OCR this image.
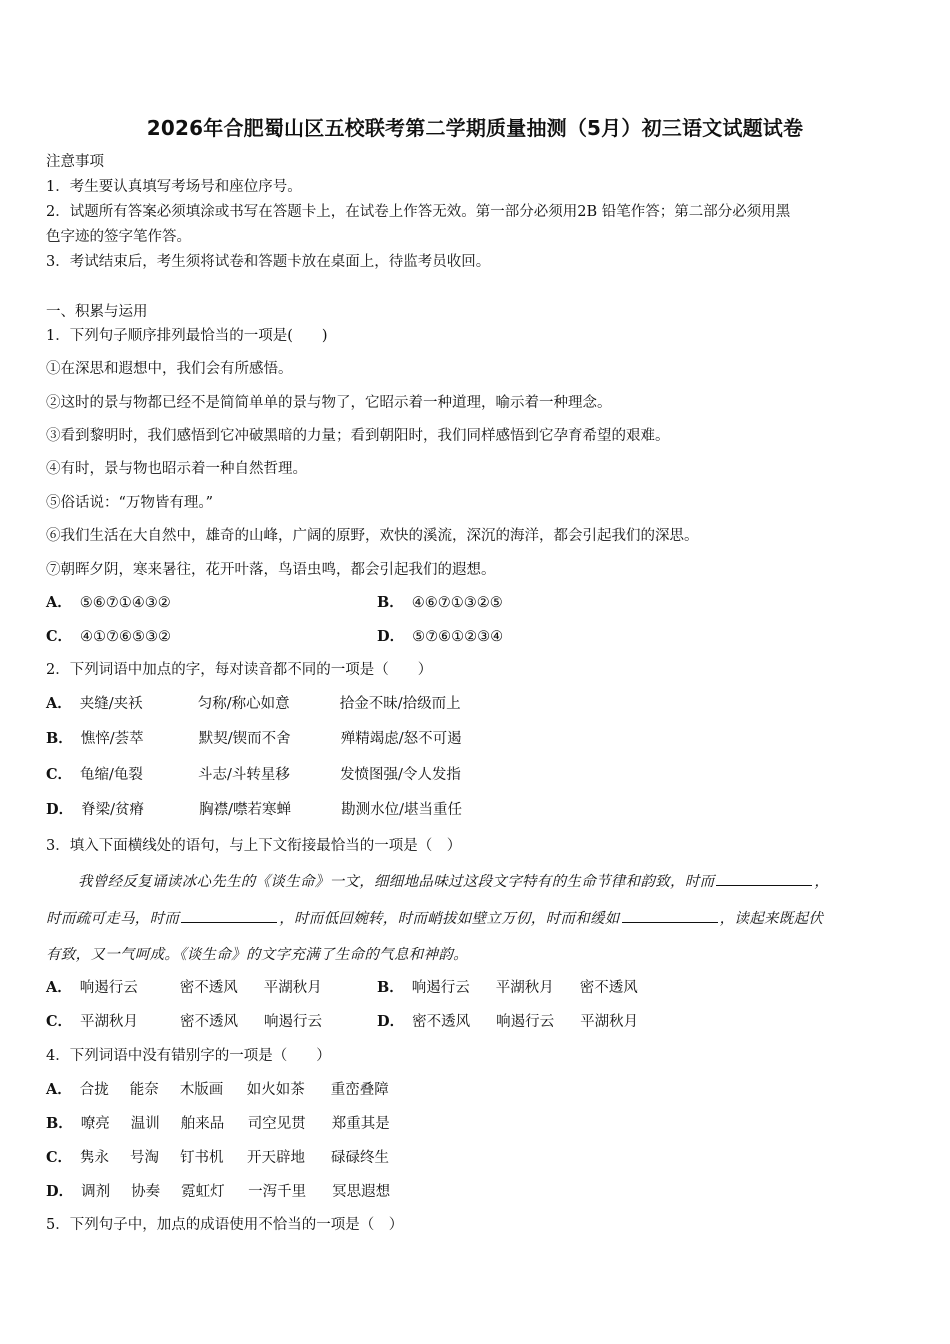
2026年合肥蜀山区五校联考第二学期质量抽测（5月）初三语文试题试卷
注意事项
1．考生要认真填写考场号和座位序号。
2．试题所有答案必须填涂或书写在答题卡上，在试卷上作答无效。第一部分必须用2B 铅笔作答；第二部分必须用黑
色字迹的签字笔作答。
3．考试结束后，考生须将试卷和答题卡放在桌面上，待监考员收回。
一、积累与运用
1．下列句子顺序排列最恰当的一项是(　　)
①在深思和遐想中，我们会有所感悟。
②这时的景与物都已经不是简简单单的景与物了，它昭示着一种道理，喻示着一种理念。
③看到黎明时，我们感悟到它冲破黑暗的力量；看到朝阳时，我们同样感悟到它孕育希望的艰难。
④有时，景与物也昭示着一种自然哲理。
⑤俗话说：“万物皆有理。”
⑥我们生活在大自然中，雄奇的山峰，广阔的原野，欢快的溪流，深沉的海洋，都会引起我们的深思。
⑦朝晖夕阴，寒来暑往，花开叶落，鸟语虫鸣，都会引起我们的遐想。
A． ⑤⑥⑦①④③②	B． ④⑥⑦①③②⑤
C． ④①⑦⑥⑤③②	D． ⑤⑦⑥①②③④
2．下列词语中加点的字，每对读音都不同的一项是（　　）
A． 夹缝/夹袄	匀称/称心如意	拾金不昧/拾级而上
B． 憔悴/荟萃	默契/锲而不舍	殚精竭虑/怒不可遏
C． 龟缩/龟裂	斗志/斗转星移	发愤图强/令人发指
D． 脊梁/贫瘠	胸襟/噤若寒蝉	勘测水位/堪当重任
3．填入下面横线处的语句，与上下文衔接最恰当的一项是（　）
我曾经反复诵读冰心先生的《谈生命》一文，细细地品味过这段文字特有的生命节律和韵致，时而	，
时而疏可走马，时而	，时而低回婉转，时而峭拔如壁立万仞，时而和缓如	，读起来既起伏
有致，又一气呵成。《谈生命》的文字充满了生命的气息和神韵。
A． 响遏行云	密不透风 平湖秋月	B． 响遏行云 平湖秋月 密不透风
C． 平湖秋月	密不透风 响遏行云	D． 密不透风 响遏行云 平湖秋月
4．下列词语中没有错别字的一项是（　　）
A． 合拢 能奈 木版画 如火如茶 重峦叠障
B． 嘹亮 温训 舶来品 司空见贯 郑重其是
C． 隽永 号淘 钉书机 开天辟地 碌碌终生
D． 调剂 协奏 霓虹灯 一泻千里 冥思遐想
5．下列句子中，加点的成语使用不恰当的一项是（　）
